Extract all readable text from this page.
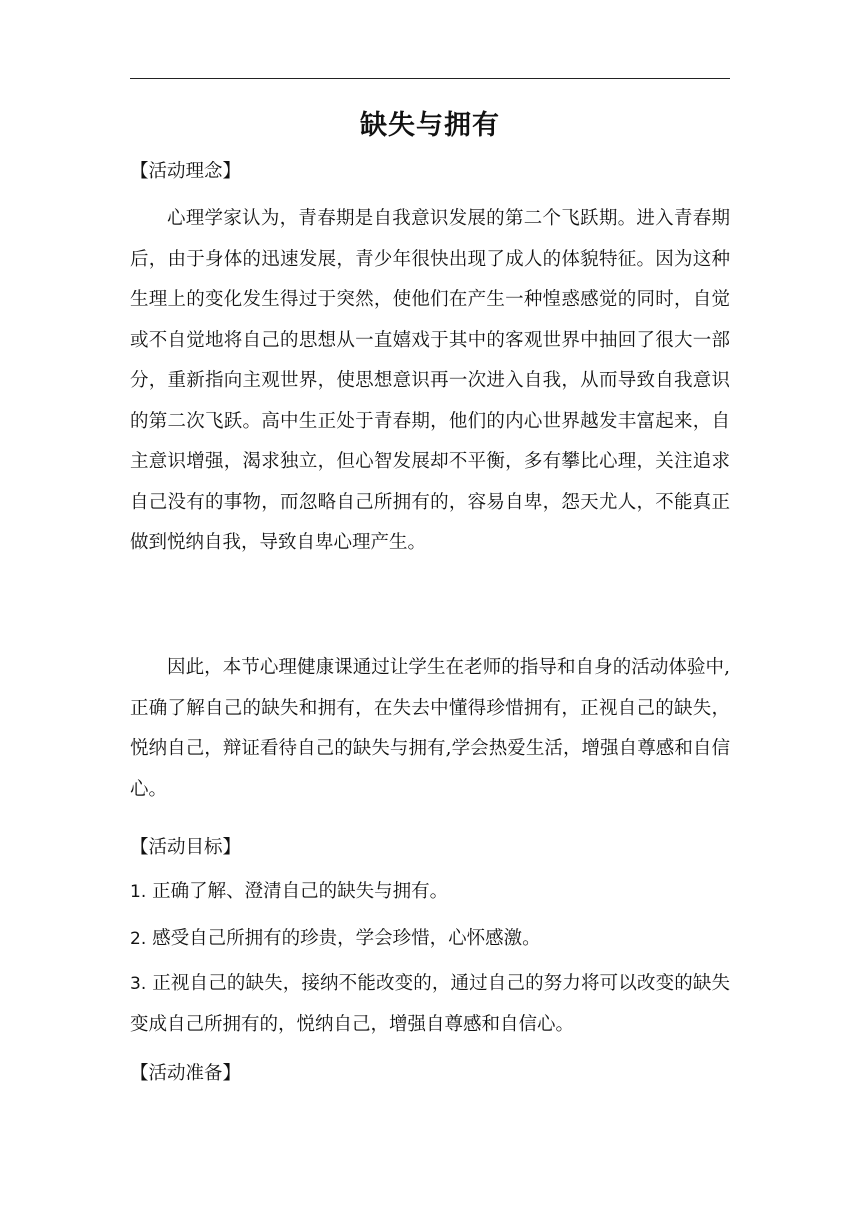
缺失与拥有
【活动理念】
心理学家认为，青春期是自我意识发展的第二个飞跃期。进入青春期后，由于身体的迅速发展，青少年很快出现了成人的体貌特征。因为这种生理上的变化发生得过于突然，使他们在产生一种惶惑感觉的同时，自觉或不自觉地将自己的思想从一直嬉戏于其中的客观世界中抽回了很大一部分，重新指向主观世界，使思想意识再一次进入自我，从而导致自我意识的第二次飞跃。高中生正处于青春期，他们的内心世界越发丰富起来，自主意识增强，渴求独立，但心智发展却不平衡，多有攀比心理，关注追求自己没有的事物，而忽略自己所拥有的，容易自卑，怨天尤人，不能真正做到悦纳自我，导致自卑心理产生。
因此，本节心理健康课通过让学生在老师的指导和自身的活动体验中,正确了解自己的缺失和拥有，在失去中懂得珍惜拥有，正视自己的缺失，悦纳自己，辩证看待自己的缺失与拥有,学会热爱生活，增强自尊感和自信心。
【活动目标】
1. 正确了解、澄清自己的缺失与拥有。
2. 感受自己所拥有的珍贵，学会珍惜，心怀感激。
3. 正视自己的缺失，接纳不能改变的，通过自己的努力将可以改变的缺失变成自己所拥有的，悦纳自己，增强自尊感和自信心。
【活动准备】
